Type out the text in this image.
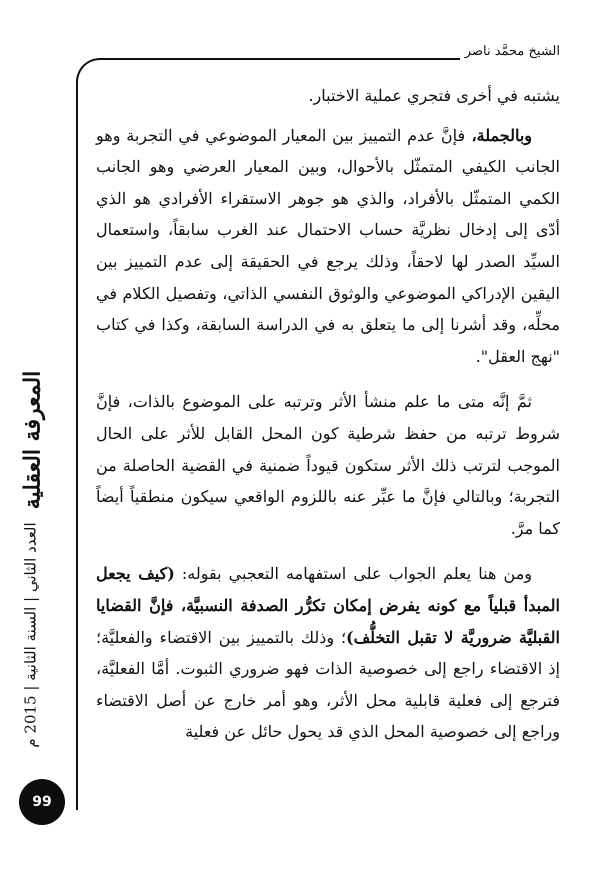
الشيخ محمَّد ناصر

يشتبه في أخرى فتجري عملية الاختبار.

وبالجملة، فإنَّ عدم التمييز بين المعيار الموضوعي في التجربة وهو الجانب الكيفي المتمثّل بالأحوال، وبين المعيار العرضي وهو الجانب الكمي المتمثّل بالأفراد، والذي هو جوهر الاستقراء الأفرادي هو الذي أدّى إلى إدخال نظريَّة حساب الاحتمال عند الغرب سابقاً، واستعمال السيِّد الصدر لها لاحقاً، وذلك يرجع في الحقيقة إلى عدم التمييز بين اليقين الإدراكي الموضوعي والوثوق النفسي الذاتي، وتفصيل الكلام في محلِّه، وقد أشرنا إلى ما يتعلق به في الدراسة السابقة، وكذا في كتاب "نهج العقل".

ثمَّ إنَّه متى ما علم منشأ الأثر وترتبه على الموضوع بالذات، فإنَّ شروط ترتبه من حفظ شرطية كون المحل القابل للأثر على الحال الموجب لترتب ذلك الأثر ستكون قيوداً ضمنية في القضية الحاصلة من التجربة؛ وبالتالي فإنَّ ما عبِّر عنه باللزوم الواقعي سيكون منطقياً أيضاً كما مرَّ.

ومن هنا يعلم الجواب على استفهامه التعجبي بقوله: (كيف يجعل المبدأ قبلياً مع كونه يفرض إمكان تكرُّر الصدفة النسبيَّة، فإنَّ القضايا القبليَّة ضروريَّة لا تقبل التخلُّف)؛ وذلك بالتمييز بين الاقتضاء والفعليَّة؛ إذ الاقتضاء راجع إلى خصوصية الذات فهو ضروري الثبوت. أمَّا الفعليَّة، فترجع إلى فعلية قابلية محل الأثر، وهو أمر خارج عن أصل الاقتضاء وراجع إلى خصوصية المحل الذي قد يحول حائل عن فعلية

المعرفة العقلية
العدد الثاني | السنة الثانية | 2015 م
99
